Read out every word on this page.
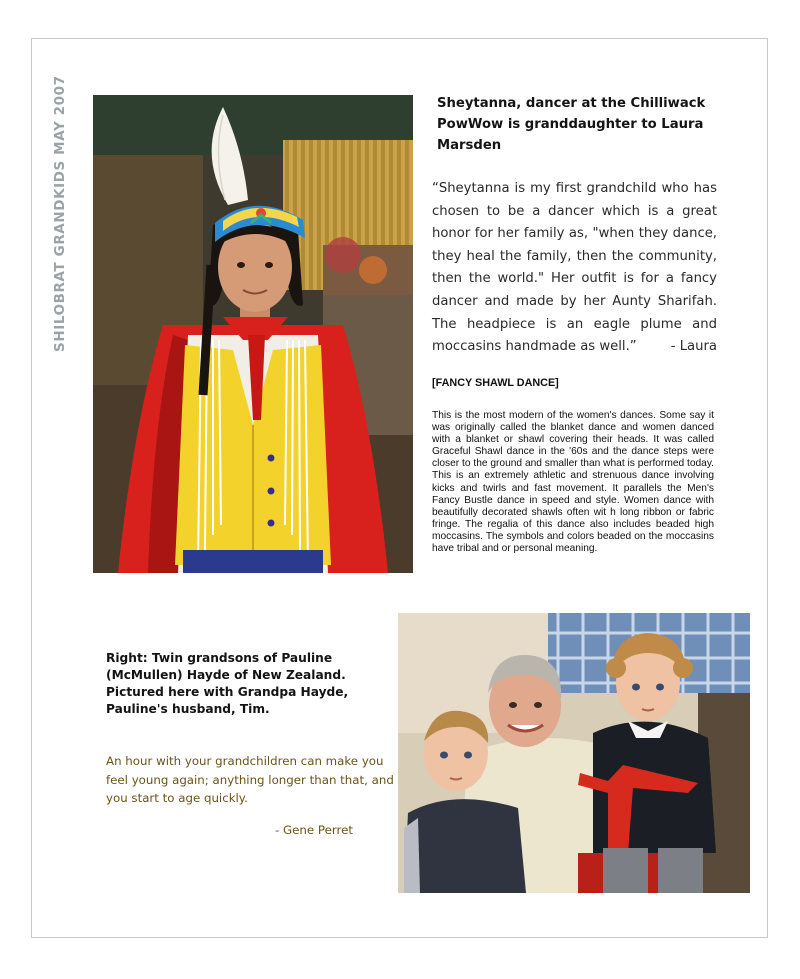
SHILOBRAT GRANDKIDS MAY 2007	Sheytanna, dancer at the Chilliwack PowWow is granddaughter to Laura Marsden
“Sheytanna is my first grandchild who has chosen to be a dancer which is a great honor for her family as, "when they dance, they heal the family, then the community, then the world." Her outfit is for a fancy dancer and made by her Aunty Sharifah. The headpiece is an eagle plume and moccasins handmade as well.”	- Laura
[FANCY SHAWL DANCE]
This is the most modern of the women's dances. Some say it was originally called the blanket dance and women danced with a blanket or shawl covering their heads. It was called Graceful Shawl dance in the '60s and the dance steps were closer to the ground and smaller than what is performed today. This is an extremely athletic and strenuous dance involving kicks and twirls and fast movement. It parallels the Men's Fancy Bustle dance in speed and style. Women dance with beautifully decorated shawls often wit h long ribbon or fabric fringe. The regalia of this dance also includes beaded high moccasins. The symbols and colors beaded on the moccasins have tribal and or personal meaning.
Right: Twin grandsons of Pauline (McMullen) Hayde of New Zealand. Pictured here with Grandpa Hayde, Pauline's husband, Tim.
An hour with your grandchildren can make you feel young again; anything longer than that, and you start to age quickly.
- Gene Perret
